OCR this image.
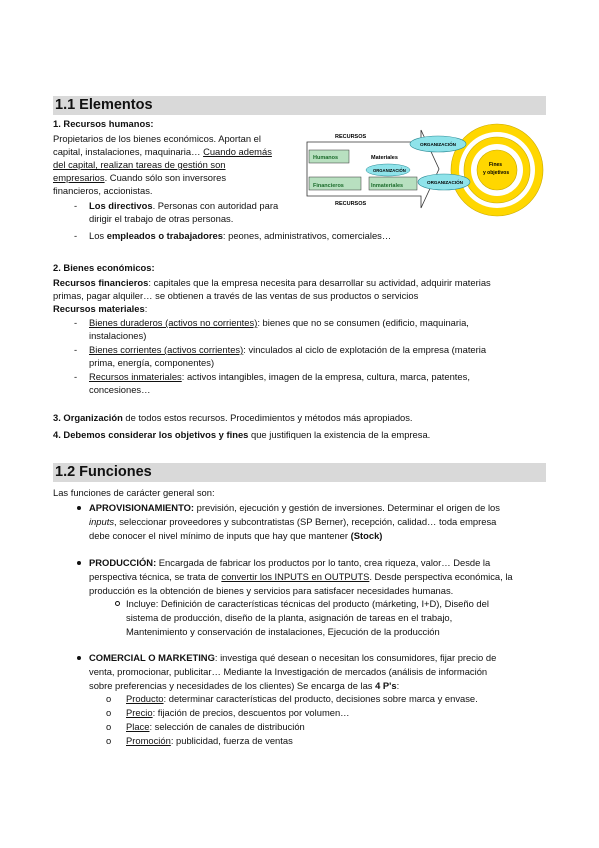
1.1 Elementos
1. Recursos humanos:
Propietarios de los bienes económicos. Aportan el
capital, instalaciones, maquinaria… Cuando además
del capital, realizan tareas de gestión son
empresarios. Cuando sólo son inversores
financieros, accionistas.
- Los directivos. Personas con autoridad para
dirigir el trabajo de otras personas.
- Los empleados o trabajadores: peones, administrativos, comerciales…
RECURSOS
RECURSOS
Humanos	Materiales
Financieros	Inmateriales
ORGANIZACIÓN
Fines
y objetivos
ORGANIZACIÓN
ORGANIZACIÓN
2. Bienes económicos:
Recursos financieros: capitales que la empresa necesita para desarrollar su actividad, adquirir materias
primas, pagar alquiler… se obtienen a través de las ventas de sus productos o servicios
Recursos materiales:
- Bienes duraderos (activos no corrientes): bienes que no se consumen (edificio, maquinaria,
instalaciones)
- Bienes corrientes (activos corrientes): vinculados al ciclo de explotación de la empresa (materia
prima, energía, componentes)
- Recursos inmateriales: activos intangibles, imagen de la empresa, cultura, marca, patentes,
concesiones…
3. Organización de todos estos recursos. Procedimientos y métodos más apropiados.
4. Debemos considerar los objetivos y fines que justifiquen la existencia de la empresa.
1.2 Funciones
Las funciones de carácter general son:
APROVISIONAMIENTO: previsión, ejecución y gestión de inversiones. Determinar el origen de los
inputs, seleccionar proveedores y subcontratistas (SP Berner), recepción, calidad… toda empresa
debe conocer el nivel mínimo de inputs que hay que mantener (Stock)
PRODUCCIÓN: Encargada de fabricar los productos por lo tanto, crea riqueza, valor… Desde la
perspectiva técnica, se trata de convertir los INPUTS en OUTPUTS. Desde perspectiva económica, la
producción es la obtención de bienes y servicios para satisfacer necesidades humanas.
Incluye: Definición de características técnicas del producto (márketing, I+D), Diseño del
sistema de producción, diseño de la planta, asignación de tareas en el trabajo,
Mantenimiento y conservación de instalaciones, Ejecución de la producción
COMERCIAL O MARKETING: investiga qué desean o necesitan los consumidores, fijar precio de
venta, promocionar, publicitar… Mediante la Investigación de mercados (análisis de información
sobre preferencias y necesidades de los clientes) Se encarga de las 4 P's:
o Producto: determinar características del producto, decisiones sobre marca y envase.
o Precio: fijación de precios, descuentos por volumen…
o Place: selección de canales de distribución
o Promoción: publicidad, fuerza de ventas
